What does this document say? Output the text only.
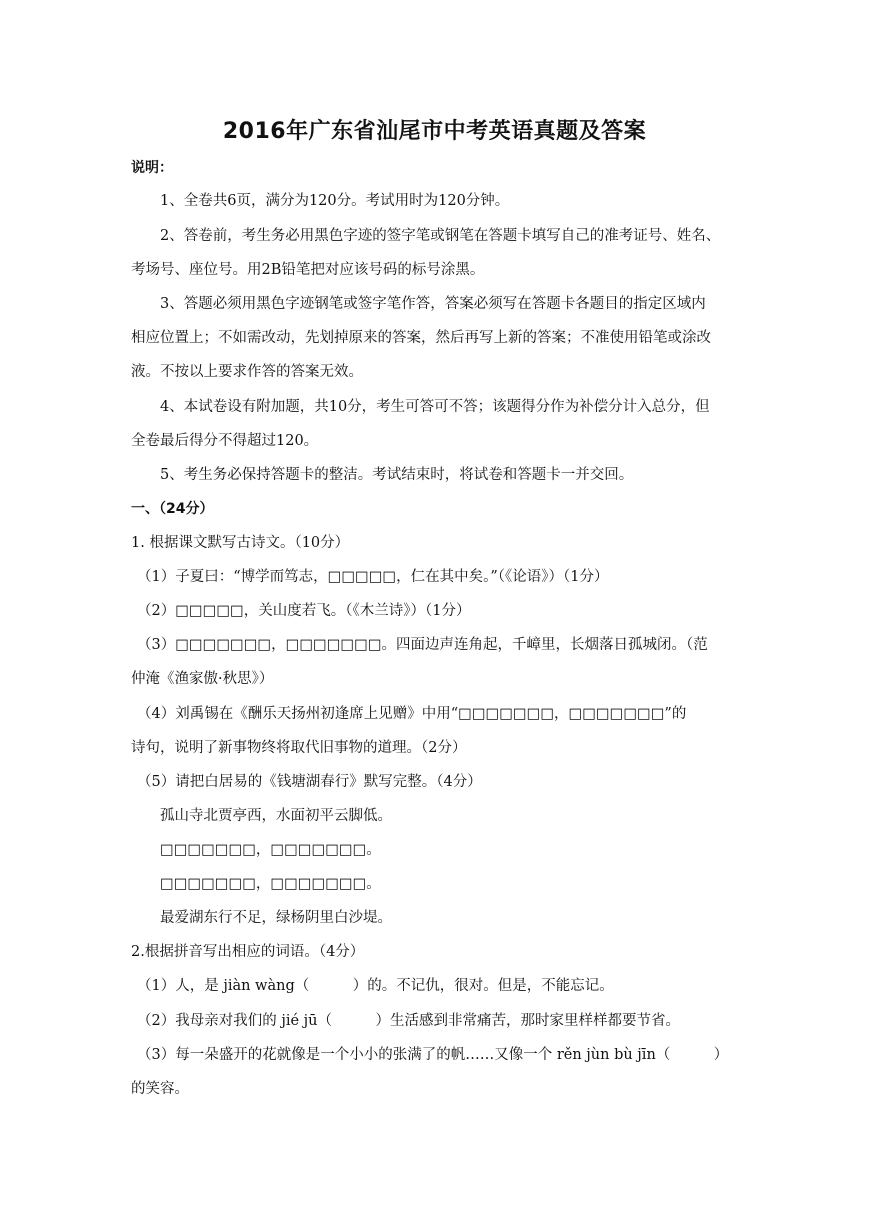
2016年广东省汕尾市中考英语真题及答案
说明：
1、全卷共6页，满分为120分。考试用时为120分钟。
2、答卷前，考生务必用黑色字迹的签字笔或钢笔在答题卡填写自己的准考证号、姓名、
考场号、座位号。用2B铅笔把对应该号码的标号涂黑。
3、答题必须用黑色字迹钢笔或签字笔作答，答案必须写在答题卡各题目的指定区域内
相应位置上；不如需改动，先划掉原来的答案，然后再写上新的答案；不准使用铅笔或涂改
液。不按以上要求作答的答案无效。
4、本试卷设有附加题，共10分，考生可答可不答；该题得分作为补偿分计入总分，但
全卷最后得分不得超过120。
5、考生务必保持答题卡的整洁。考试结束时，将试卷和答题卡一并交回。
一、（24分）
1. 根据课文默写古诗文。（10分）
（1）子夏曰：“博学而笃志，□□□□□，仁在其中矣。”（《论语》）（1分）
（2）□□□□□，关山度若飞。（《木兰诗》）（1分）
（3）□□□□□□□，□□□□□□□。四面边声连角起，千嶂里，长烟落日孤城闭。（范
仲淹《渔家傲·秋思》）
（4）刘禹锡在《酬乐天扬州初逢席上见赠》中用“□□□□□□□，□□□□□□□”的
诗句，说明了新事物终将取代旧事物的道理。（2分）
（5）请把白居易的《钱塘湖春行》默写完整。（4分）
孤山寺北贾亭西，水面初平云脚低。
□□□□□□□，□□□□□□□。
□□□□□□□，□□□□□□□。
最爱湖东行不足，绿杨阴里白沙堤。
2.根据拼音写出相应的词语。（4分）
（1）人，是 jiàn wàng（　　　）的。不记仇，很对。但是，不能忘记。
（2）我母亲对我们的 jié jū（　　　）生活感到非常痛苦，那时家里样样都要节省。
（3）每一朵盛开的花就像是一个小小的张满了的帆……又像一个 rěn jùn bù jīn（　　　）
的笑容。
